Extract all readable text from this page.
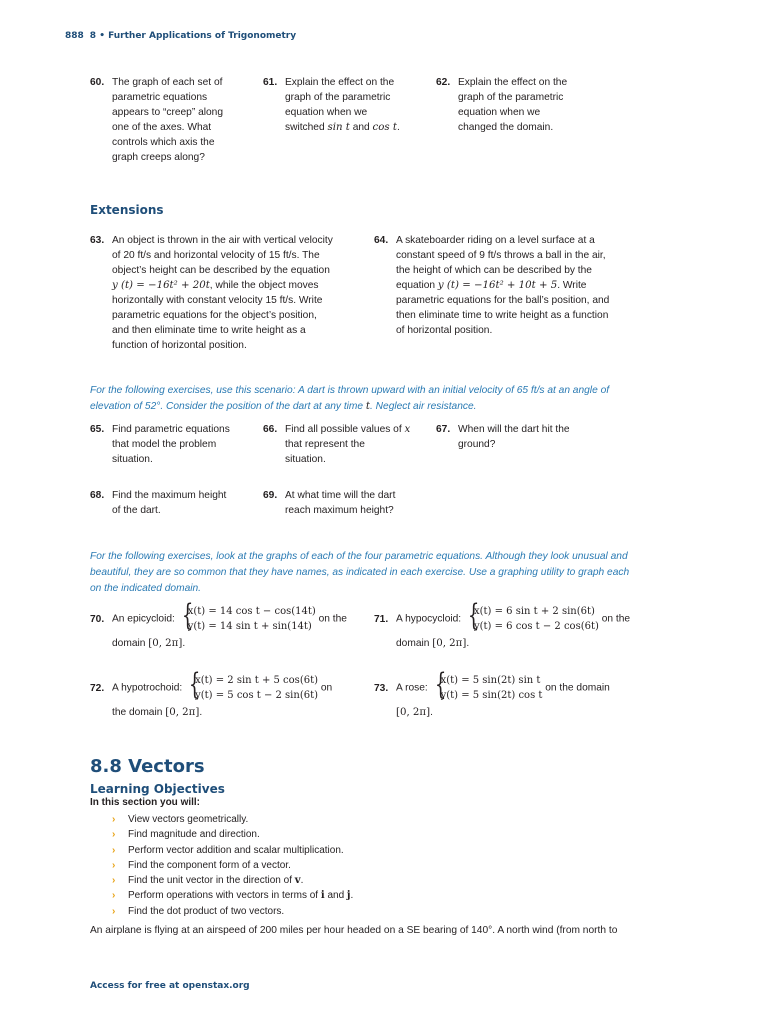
888 8 • Further Applications of Trigonometry
60. The graph of each set of
parametric equations
appears to “creep” along
one of the axes. What
controls which axis the
graph creeps along?
61. Explain the effect on the
graph of the parametric
equation when we
switched sin t and cos t.
62. Explain the effect on the
graph of the parametric
equation when we
changed the domain.
Extensions
63. An object is thrown in the air with vertical velocity
of 20 ft/s and horizontal velocity of 15 ft/s. The
object’s height can be described by the equation
y (t) = −16t² + 20t, while the object moves
horizontally with constant velocity 15 ft/s. Write
parametric equations for the object’s position,
and then eliminate time to write height as a
function of horizontal position.
64. A skateboarder riding on a level surface at a
constant speed of 9 ft/s throws a ball in the air,
the height of which can be described by the
equation y (t) = −16t² + 10t + 5. Write
parametric equations for the ball’s position, and
then eliminate time to write height as a function
of horizontal position.
For the following exercises, use this scenario: A dart is thrown upward with an initial velocity of 65 ft/s at an angle of
elevation of 52°. Consider the position of the dart at any time t. Neglect air resistance.
65. Find parametric equations
that model the problem
situation.
66. Find all possible values of x
that represent the
situation.
67. When will the dart hit the
ground?
68. Find the maximum height
of the dart.
69. At what time will the dart
reach maximum height?
For the following exercises, look at the graphs of each of the four parametric equations. Although they look unusual and
beautiful, they are so common that they have names, as indicated in each exercise. Use a graphing utility to graph each
on the indicated domain.
70. An epicycloid: {
x(t) = 14 cos t − cos(14t)
y(t) = 14 sin t + sin(14t)
on the
domain [0, 2π].
71. A hypocycloid: {
x(t) = 6 sin t + 2 sin(6t)
y(t) = 6 cos t − 2 cos(6t)
on the
domain [0, 2π].
72. A hypotrochoid: {
x(t) = 2 sin t + 5 cos(6t)
y(t) = 5 cos t − 2 sin(6t)
on
the domain [0, 2π].
73. A rose: {
x(t) = 5 sin(2t) sin t
y(t) = 5 sin(2t) cos t
on the domain
[0, 2π].
8.8 Vectors
Learning Objectives
In this section you will:
› View vectors geometrically.
› Find magnitude and direction.
› Perform vector addition and scalar multiplication.
› Find the component form of a vector.
› Find the unit vector in the direction of v.
› Perform operations with vectors in terms of i and j.
› Find the dot product of two vectors.
An airplane is flying at an airspeed of 200 miles per hour headed on a SE bearing of 140°. A north wind (from north to
Access for free at openstax.org
